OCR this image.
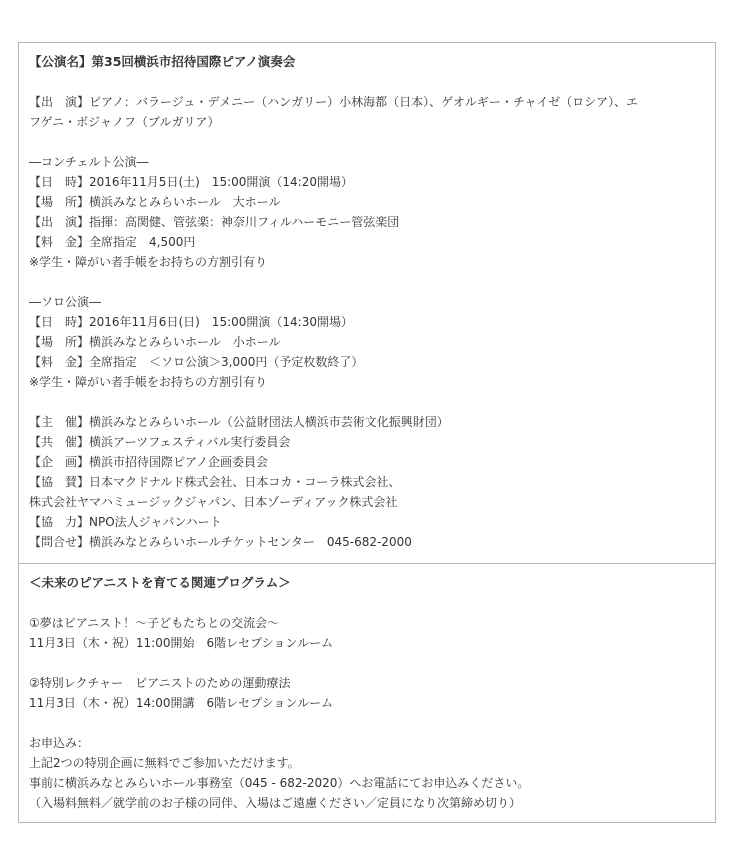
【公演名】第35回横浜市招待国際ピアノ演奏会
【出　演】ピアノ：バラージュ・デメニー（ハンガリー）小林海都（日本）、ゲオルギー・チャイゼ（ロシア）、エ
フゲニ・ボジャノフ（ブルガリア）
―コンチェルト公演―
【日　時】2016年11月5日(土)　15:00開演（14:20開場）
【場　所】横浜みなとみらいホール　大ホール
【出　演】指揮：高関健、管弦楽：神奈川フィルハーモニー管弦楽団
【料　金】全席指定　4,500円
※学生・障がい者手帳をお持ちの方割引有り
―ソロ公演―
【日　時】2016年11月6日(日)　15:00開演（14:30開場）
【場　所】横浜みなとみらいホール　小ホール
【料　金】全席指定　＜ソロ公演＞3,000円（予定枚数終了）
※学生・障がい者手帳をお持ちの方割引有り
【主　催】横浜みなとみらいホール（公益財団法人横浜市芸術文化振興財団）
【共　催】横浜アーツフェスティバル実行委員会
【企　画】横浜市招待国際ピアノ企画委員会
【協　賛】日本マクドナルド株式会社、日本コカ・コーラ株式会社、
株式会社ヤマハミュージックジャパン、日本ゾーディアック株式会社
【協　力】NPO法人ジャパンハート
【問合せ】横浜みなとみらいホールチケットセンター　045-682-2000
＜未来のピアニストを育てる関連プログラム＞
①夢はピアニスト！～子どもたちとの交流会～
11月3日（木・祝）11:00開始　6階レセプションルーム
②特別レクチャー　ピアニストのための運動療法
11月3日（木・祝）14:00開講　6階レセプションルーム
お申込み：
上記2つの特別企画に無料でご参加いただけます。
事前に横浜みなとみらいホール事務室（045 - 682-2020）へお電話にてお申込みください。
（入場料無料／就学前のお子様の同伴、入場はご遠慮ください／定員になり次第締め切り）
